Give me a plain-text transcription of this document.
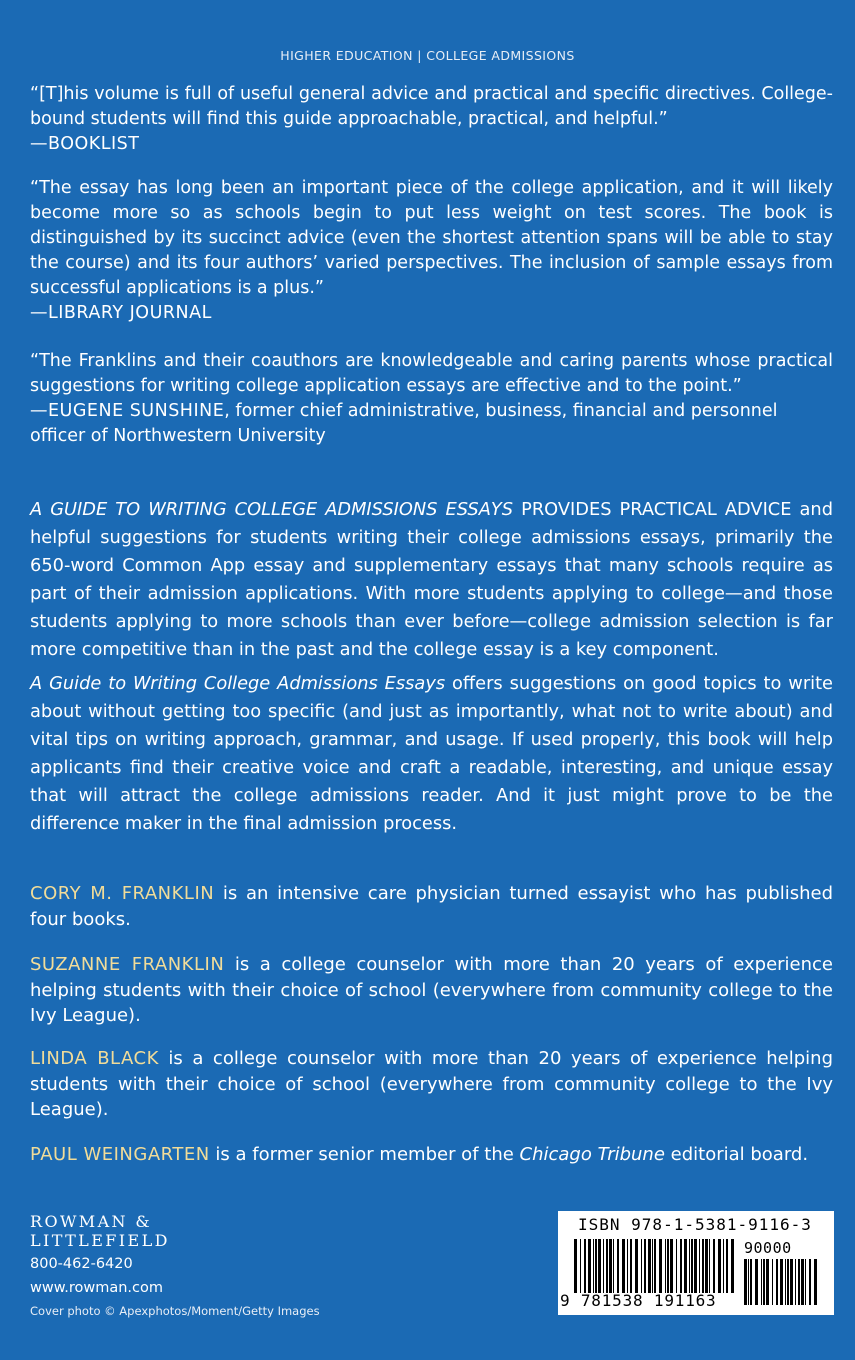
HIGHER EDUCATION | COLLEGE ADMISSIONS

“[T]his volume is full of useful general advice and practical and specific directives. College-bound students will find this guide approachable, practical, and helpful.”

—BOOKLIST

“The essay has long been an important piece of the college application, and it will likely become more so as schools begin to put less weight on test scores. The book is distinguished by its succinct advice (even the shortest attention spans will be able to stay the course) and its four authors’ varied perspectives. The inclusion of sample essays from successful applications is a plus.”

—LIBRARY JOURNAL

“The Franklins and their coauthors are knowledgeable and caring parents whose practical suggestions for writing college application essays are effective and to the point.”

—EUGENE SUNSHINE, former chief administrative, business, financial and personnel officer of Northwestern University

A GUIDE TO WRITING COLLEGE ADMISSIONS ESSAYS PROVIDES PRACTICAL ADVICE and helpful suggestions for students writing their college admissions essays, primarily the 650-word Common App essay and supplementary essays that many schools require as part of their admission applications. With more students applying to college—and those students applying to more schools than ever before—college admission selection is far more competitive than in the past and the college essay is a key component.

A Guide to Writing College Admissions Essays offers suggestions on good topics to write about without getting too specific (and just as importantly, what not to write about) and vital tips on writing approach, grammar, and usage. If used properly, this book will help applicants find their creative voice and craft a readable, interesting, and unique essay that will attract the college admissions reader. And it just might prove to be the difference maker in the final admission process.

CORY M. FRANKLIN is an intensive care physician turned essayist who has published four books.
SUZANNE FRANKLIN is a college counselor with more than 20 years of experience helping students with their choice of school (everywhere from community college to the Ivy League).
LINDA BLACK is a college counselor with more than 20 years of experience helping students with their choice of school (everywhere from community college to the Ivy League).
PAUL WEINGARTEN is a former senior member of the Chicago Tribune editorial board.
ROWMAN &
LITTLEFIELD
800-462-6420
www.rowman.com
Cover photo © Apexphotos/Moment/Getty Images
ISBN 978-1-5381-9116-3
90000
9 781538 191163
